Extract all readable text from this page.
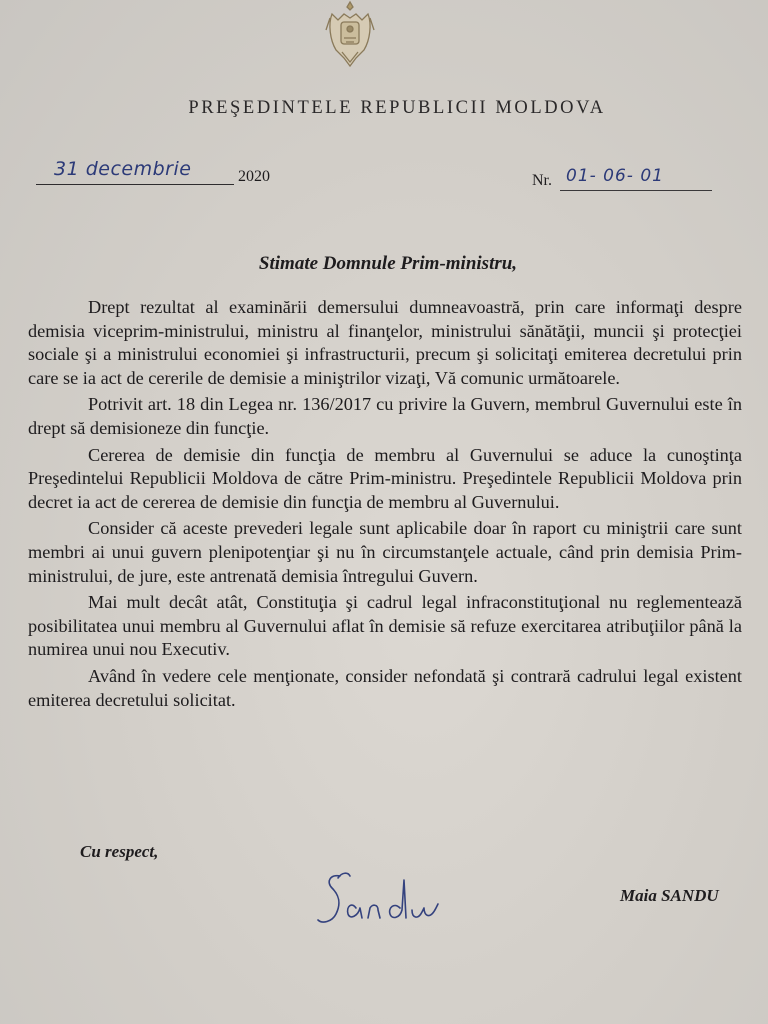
PREŞEDINTELE REPUBLICII MOLDOVA
31 decembrie	2020	Nr. 01- 06- 01
Stimate Domnule Prim-ministru,

Drept rezultat al examinării demersului dumneavoastră, prin care informaţi despre demisia viceprim-ministrului, ministru al finanţelor, ministrului sănătăţii, muncii şi protecţiei sociale şi a ministrului economiei şi infrastructurii, precum şi solicitaţi emiterea decretului prin care se ia act de cererile de demisie a miniştrilor vizaţi, Vă comunic următoarele.

Potrivit art. 18 din Legea nr. 136/2017 cu privire la Guvern, membrul Guvernului este în drept să demisioneze din funcţie.

Cererea de demisie din funcţia de membru al Guvernului se aduce la cunoştinţa Preşedintelui Republicii Moldova de către Prim-ministru. Preşedintele Republicii Moldova prin decret ia act de cererea de demisie din funcţia de membru al Guvernului.

Consider că aceste prevederi legale sunt aplicabile doar în raport cu miniştrii care sunt membri ai unui guvern plenipotenţiar şi nu în circumstanţele actuale, când prin demisia Prim-ministrului, de jure, este antrenată demisia întregului Guvern.

Mai mult decât atât, Constituţia şi cadrul legal infraconstituţional nu reglementează posibilitatea unui membru al Guvernului aflat în demisie să refuze exercitarea atribuţiilor până la numirea unui nou Executiv.

Având în vedere cele menţionate, consider nefondată şi contrară cadrului legal existent emiterea decretului solicitat.

Cu respect,
Maia SANDU
